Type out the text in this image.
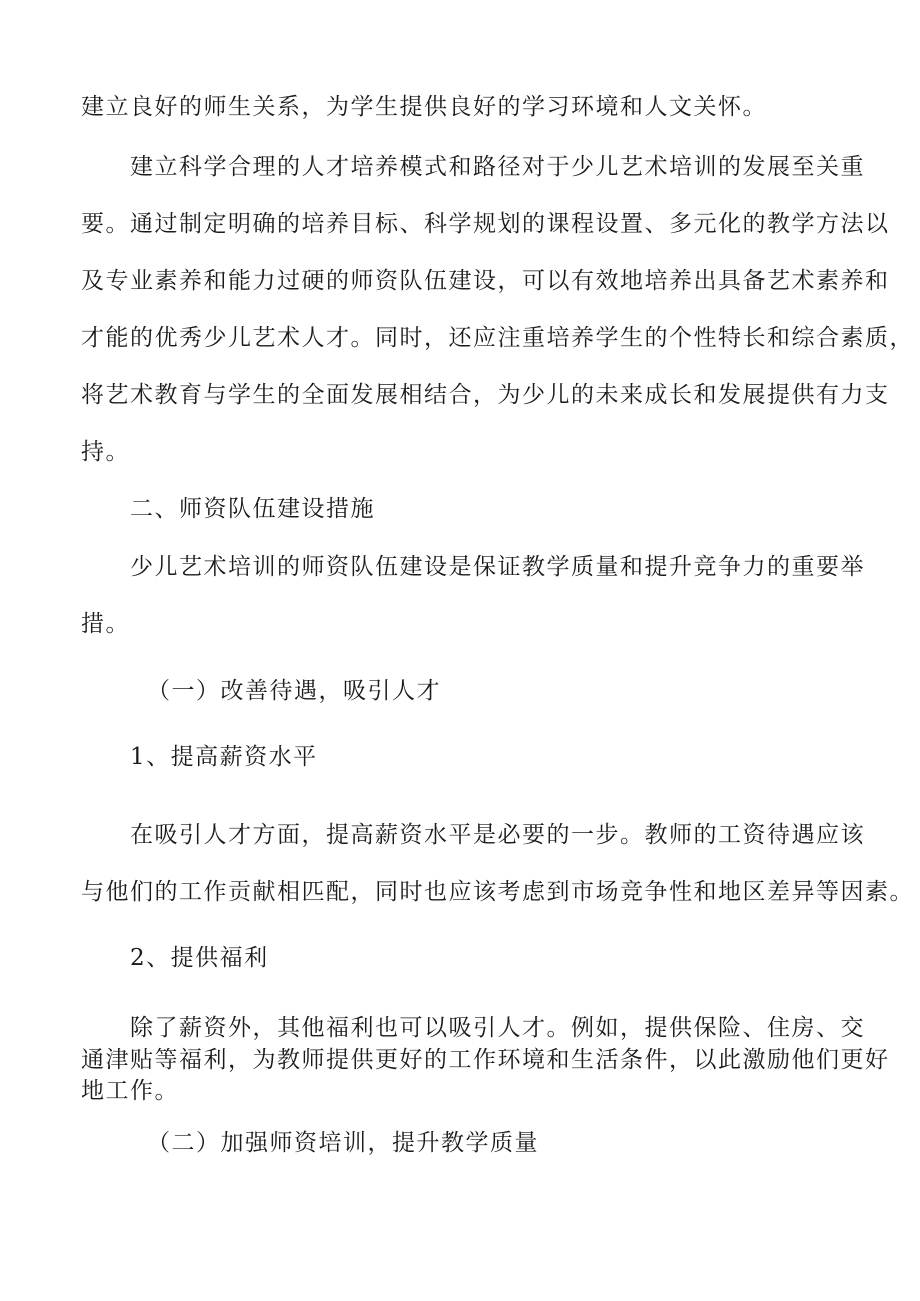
建立良好的师生关系，为学生提供良好的学习环境和人文关怀。
建立科学合理的人才培养模式和路径对于少儿艺术培训的发展至关重
要。通过制定明确的培养目标、科学规划的课程设置、多元化的教学方法以
及专业素养和能力过硬的师资队伍建设，可以有效地培养出具备艺术素养和
才能的优秀少儿艺术人才。同时，还应注重培养学生的个性特长和综合素质，
将艺术教育与学生的全面发展相结合，为少儿的未来成长和发展提供有力支
持。
二、师资队伍建设措施
少儿艺术培训的师资队伍建设是保证教学质量和提升竞争力的重要举
措。
（一）改善待遇，吸引人才
1、提高薪资水平
在吸引人才方面，提高薪资水平是必要的一步。教师的工资待遇应该
与他们的工作贡献相匹配，同时也应该考虑到市场竞争性和地区差异等因素。
2、提供福利
除了薪资外，其他福利也可以吸引人才。例如，提供保险、住房、交
通津贴等福利，为教师提供更好的工作环境和生活条件，以此激励他们更好
地工作。
（二）加强师资培训，提升教学质量
